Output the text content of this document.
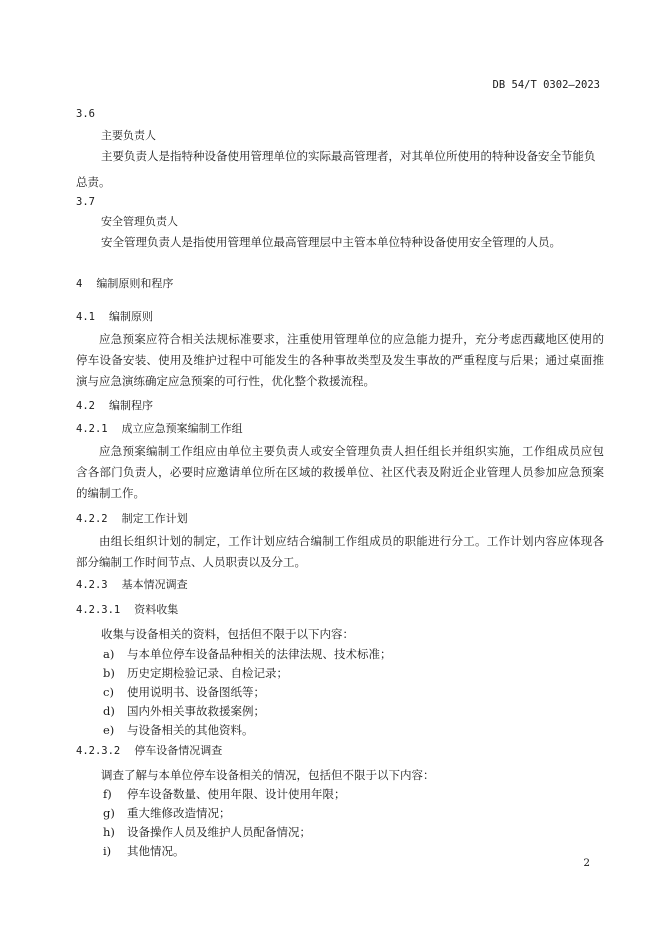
DB 54/T 0302—2023
3.6
主要负责人
主要负责人是指特种设备使用管理单位的实际最高管理者，对其单位所使用的特种设备安全节能负
总责。
3.7
安全管理负责人
安全管理负责人是指使用管理单位最高管理层中主管本单位特种设备使用安全管理的人员。
4 编制原则和程序
4.1 编制原则
应急预案应符合相关法规标准要求，注重使用管理单位的应急能力提升，充分考虑西藏地区使用的停车设备安装、使用及维护过程中可能发生的各种事故类型及发生事故的严重程度与后果；通过桌面推演与应急演练确定应急预案的可行性，优化整个救援流程。
4.2 编制程序
4.2.1 成立应急预案编制工作组
应急预案编制工作组应由单位主要负责人或安全管理负责人担任组长并组织实施，工作组成员应包含各部门负责人，必要时应邀请单位所在区域的救援单位、社区代表及附近企业管理人员参加应急预案的编制工作。
4.2.2 制定工作计划
由组长组织计划的制定，工作计划应结合编制工作组成员的职能进行分工。工作计划内容应体现各部分编制工作时间节点、人员职责以及分工。
4.2.3 基本情况调查
4.2.3.1 资料收集
收集与设备相关的资料，包括但不限于以下内容：
a) 与本单位停车设备品种相关的法律法规、技术标准；
b) 历史定期检验记录、自检记录；
c) 使用说明书、设备图纸等；
d) 国内外相关事故救援案例；
e) 与设备相关的其他资料。
4.2.3.2 停车设备情况调查
调查了解与本单位停车设备相关的情况，包括但不限于以下内容：
f) 停车设备数量、使用年限、设计使用年限；
g) 重大维修改造情况；
h) 设备操作人员及维护人员配备情况；
i) 其他情况。
2
